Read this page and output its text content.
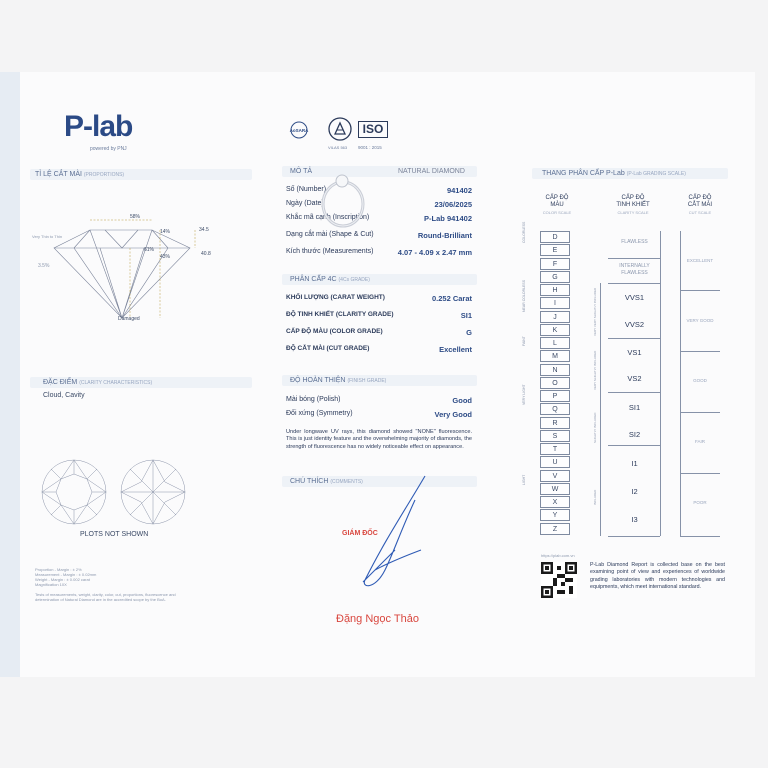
P-lab
powered by PNJ
AoSARA
VILAS 563
ISO
9001 : 2015
TỈ LỆ CẮT MÀI (PROPORTIONS)
58%
34.5
14%
61%
43%	40.8
Very Thin to Thin
3.5%
Damaged
ĐẶC ĐIỂM (CLARITY CHARACTERISTICS)
Cloud, Cavity
PLOTS NOT SHOWN
Proportion - Margin : ± 2%
Measurement - Margin : ± 0.02mm
Weight - Margin : ± 0.002 carat
Magnification 10X
Tests of measurements, weight, clarity, color, cut, proportions, fluorescence and
determination of Natural Diamond are in the accredited scope by the BoA.
MÔ TẢ	NATURAL DIAMOND
Số (Number)	941402
Ngày (Date)	23/06/2025
Khắc mã cạnh (Inscription)	P-Lab 941402
Dạng cắt mài (Shape & Cut)	Round-Brilliant
Kích thước (Measurements)	4.07 - 4.09 x 2.47 mm
PHÂN CẤP 4C (4Cs GRADE)
KHỐI LƯỢNG (CARAT WEIGHT)	0.252 Carat
ĐỘ TINH KHIẾT (CLARITY GRADE)	SI1
CẤP ĐỘ MÀU (COLOR GRADE)	G
ĐỘ CẮT MÀI (CUT GRADE)	Excellent
ĐỘ HOÀN THIỆN (FINISH GRADE)
Mài bóng (Polish)	Good
Đối xứng (Symmetry)	Very Good
Under longwave UV rays, this diamond showed "NONE" fluorescence. This is just identity feature and the overwhelming majority of diamonds, the strength of fluorescence has no widely noticeable effect on appearance.
CHÚ THÍCH (COMMENTS)
GIÁM ĐỐC
Đặng Ngọc Thảo
THANG PHÂN CẤP P-Lab (P-Lab GRADING SCALE)
CẤP ĐỘ
MÀU
COLOR SCALE
CẤP ĐỘ
TINH KHIẾT
CLARITY SCALE
CẤP ĐỘ
CẮT MÀI
CUT SCALE
D
E
F
G
H
I
J
K
L
M
N
O
P
Q
R
S
T
U
V
W
X
Y
Z
COLORLESS
NEAR COLORLESS
FAINT
VERY LIGHT
LIGHT
FLAWLESS
INTERNALLY FLAWLESS
VVS1
VVS2
VS1
VS2
SI1
SI2
I1
I2
I3
VERY VERY SLIGHTLY INCLUDED
VERY SLIGHTLY INCLUDED
SLIGHTLY INCLUDED
INCLUDED
EXCELLENT
VERY GOOD
GOOD
FAIR
POOR
https://plab.com.vn
P-Lab Diamond Report is collected base on the best examining point of view and experiences of worldwide grading laboratories with modern technologies and equipments, which meet international standard.
